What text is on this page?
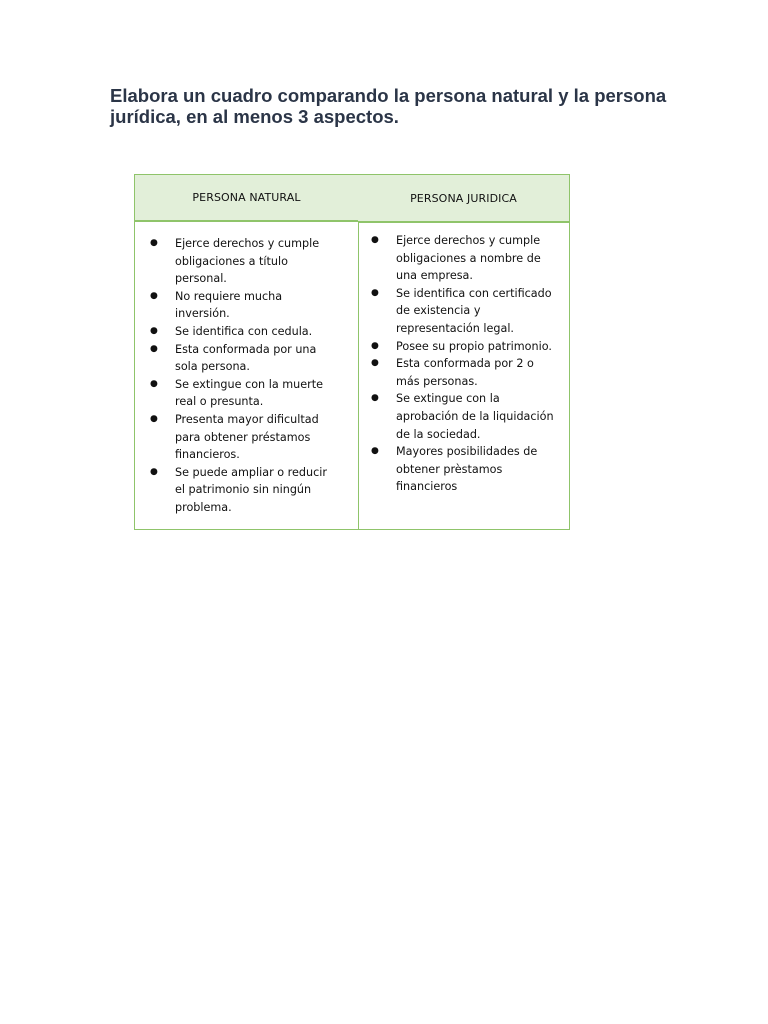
Elabora un cuadro comparando la persona natural y la persona jurídica, en al menos 3 aspectos.
PERSONA NATURAL
● Ejerce derechos y cumple obligaciones a título personal.
● No requiere mucha inversión.
● Se identifica con cedula.
● Esta conformada por una sola persona.
● Se extingue con la muerte real o presunta.
● Presenta mayor dificultad para obtener préstamos financieros.
● Se puede ampliar o reducir el patrimonio sin ningún problema.
PERSONA JURIDICA
● Ejerce derechos y cumple obligaciones a nombre de una empresa.
● Se identifica con certificado de existencia y representación legal.
● Posee su propio patrimonio.
● Esta conformada por 2 o más personas.
● Se extingue con la aprobación de la liquidación de la sociedad.
● Mayores posibilidades de obtener prèstamos financieros
